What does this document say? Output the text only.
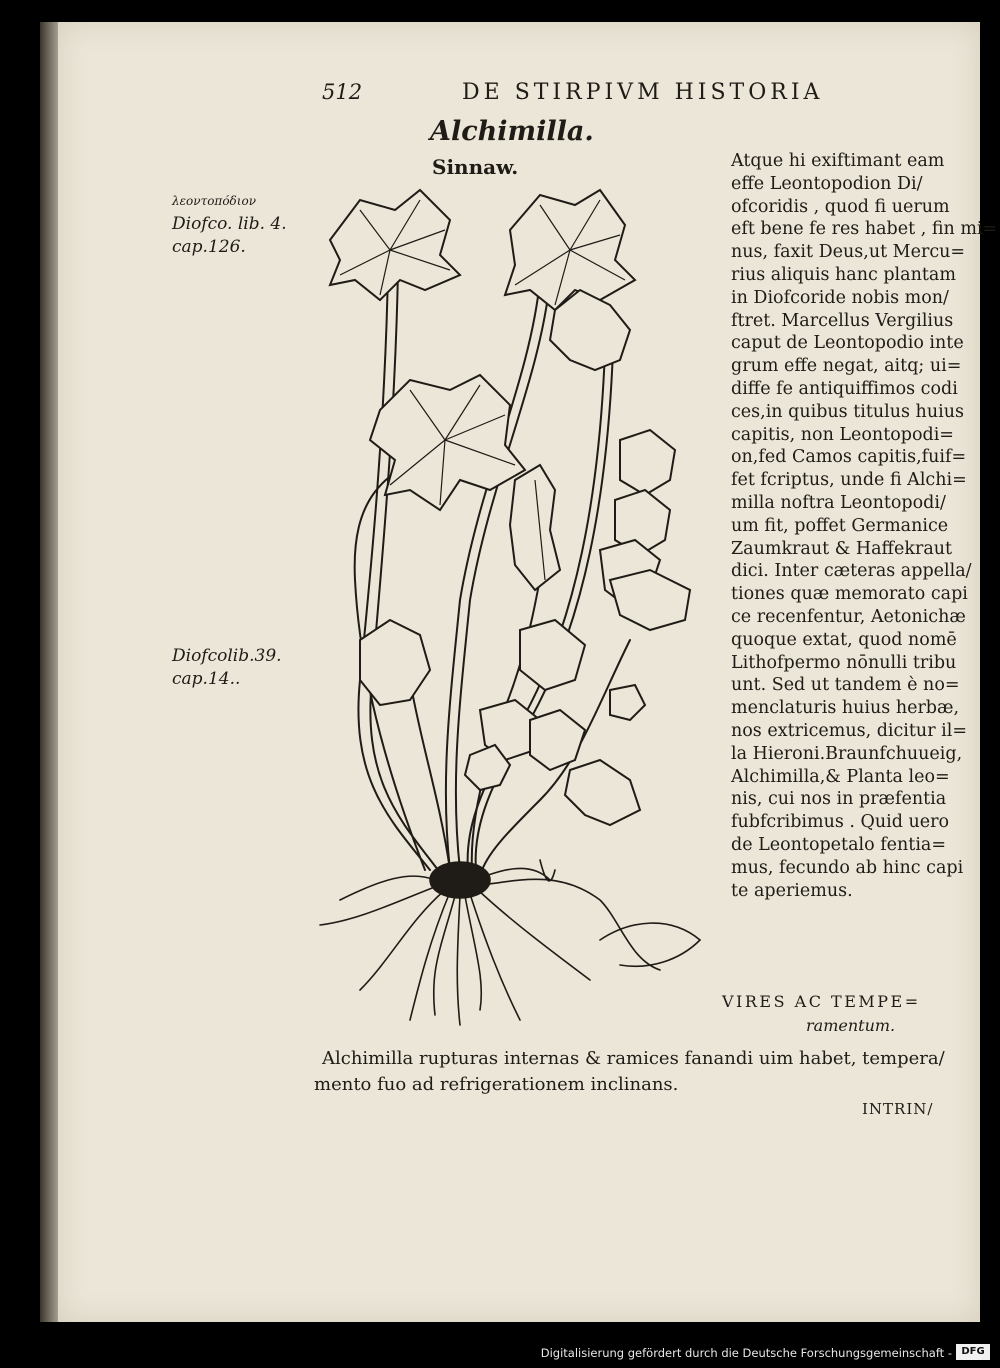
512	DE STIRPIVM HISTORIA
Alchimilla.
Sinnaw.
λεοντοπόδιον
Diofco. lib. 4.
cap.126.
Diofcolib.39.
cap.14..
Atque hi exiftimant eam
effe Leontopodion Di/
ofcoridis , quod fi uerum
eft bene fe res habet , fin mi=
nus, faxit Deus,ut Mercu=
rius aliquis hanc plantam
in Diofcoride nobis mon/
ftret. Marcellus Vergilius
caput de Leontopodio inte
grum effe negat, aitq; ui=
diffe fe antiquiffimos codi
ces,in quibus titulus huius
capitis, non Leontopodi=
on,fed Camos capitis,fuif=
fet fcriptus, unde fi Alchi=
milla noftra Leontopodi/
um fit, poffet Germanice
Zaumkraut & Haffekraut
dici. Inter cæteras appella/
tiones quæ memorato capi
ce recenfentur, Aetonichæ
quoque extat, quod nomē
Lithofpermo nōnulli tribu
unt. Sed ut tandem è no=
menclaturis huius herbæ,
nos extricemus, dicitur il=
la Hieroni.Braunfchuueig,
Alchimilla,& Planta leo=
nis, cui nos in præfentia
fubfcribimus . Quid uero
de Leontopetalo fentia=
mus, fecundo ab hinc capi
te aperiemus.
VIRES AC TEMPE=
ramentum.
Alchimilla rupturas internas & ramices fanandi uim habet, tempera/
mento fuo ad refrigerationem inclinans.
INTRIN/
Digitalisierung gefördert durch die Deutsche Forschungsgemeinschaft - DFG
